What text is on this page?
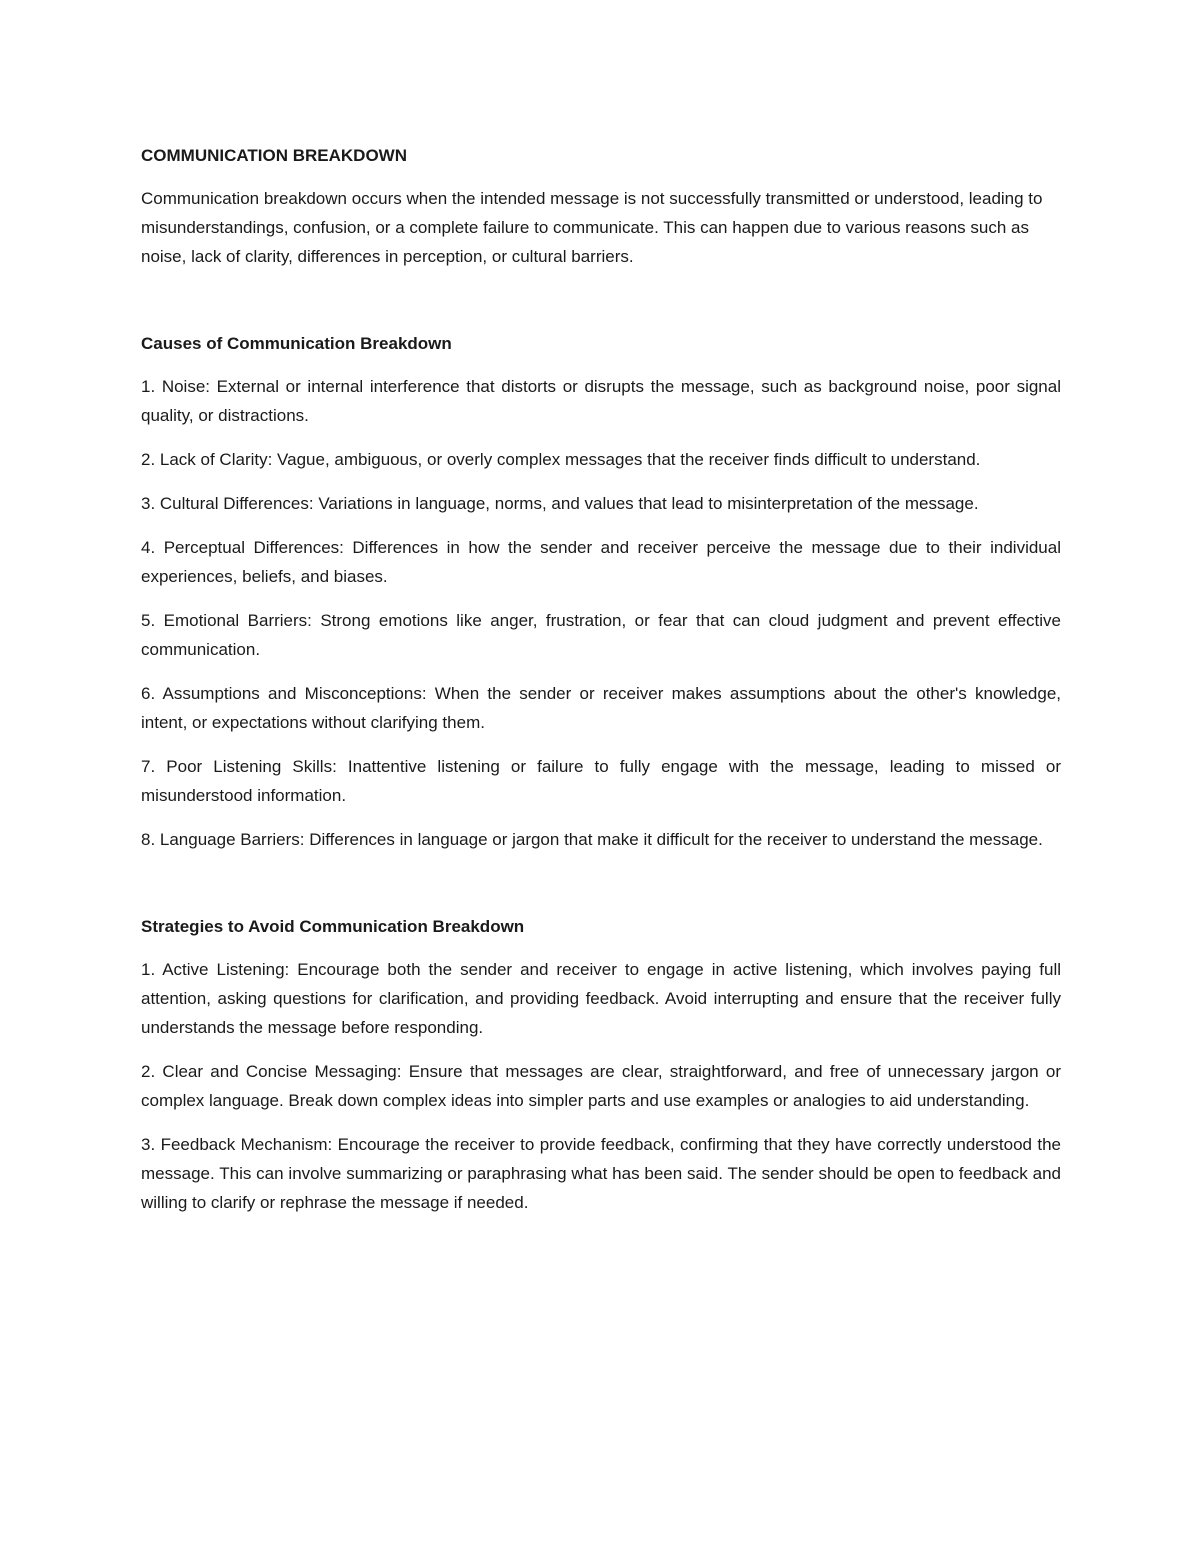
COMMUNICATION BREAKDOWN

Communication breakdown occurs when the intended message is not successfully transmitted or understood, leading to misunderstandings, confusion, or a complete failure to communicate. This can happen due to various reasons such as noise, lack of clarity, differences in perception, or cultural barriers.

Causes of Communication Breakdown

1. Noise: External or internal interference that distorts or disrupts the message, such as background noise, poor signal quality, or distractions.

2. Lack of Clarity: Vague, ambiguous, or overly complex messages that the receiver finds difficult to understand.

3. Cultural Differences: Variations in language, norms, and values that lead to misinterpretation of the message.

4. Perceptual Differences: Differences in how the sender and receiver perceive the message due to their individual experiences, beliefs, and biases.

5. Emotional Barriers: Strong emotions like anger, frustration, or fear that can cloud judgment and prevent effective communication.

6. Assumptions and Misconceptions: When the sender or receiver makes assumptions about the other's knowledge, intent, or expectations without clarifying them.

7. Poor Listening Skills: Inattentive listening or failure to fully engage with the message, leading to missed or misunderstood information.

8. Language Barriers: Differences in language or jargon that make it difficult for the receiver to understand the message.

Strategies to Avoid Communication Breakdown

1. Active Listening: Encourage both the sender and receiver to engage in active listening, which involves paying full attention, asking questions for clarification, and providing feedback. Avoid interrupting and ensure that the receiver fully understands the message before responding.

2. Clear and Concise Messaging: Ensure that messages are clear, straightforward, and free of unnecessary jargon or complex language. Break down complex ideas into simpler parts and use examples or analogies to aid understanding.

3. Feedback Mechanism: Encourage the receiver to provide feedback, confirming that they have correctly understood the message. This can involve summarizing or paraphrasing what has been said. The sender should be open to feedback and willing to clarify or rephrase the message if needed.
